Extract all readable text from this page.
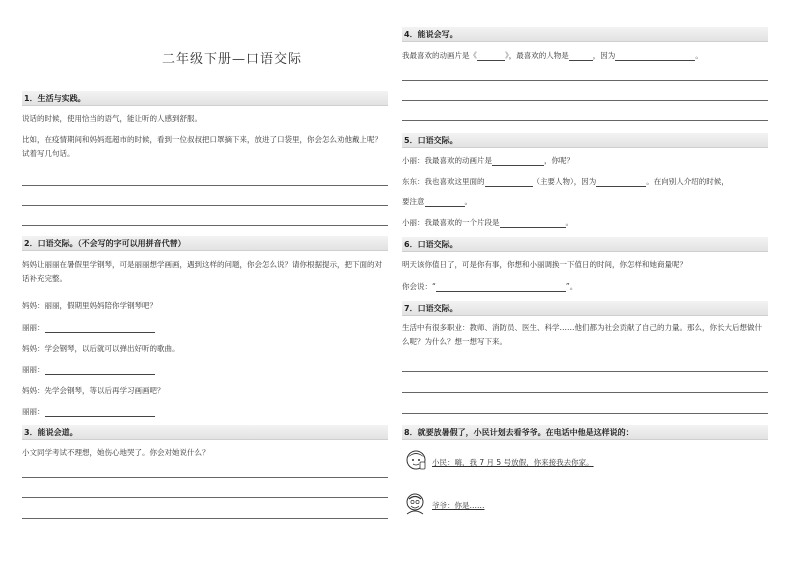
二年级下册—口语交际
1．生活与实践。
说话的时候，使用恰当的语气，能让听的人感到舒服。
比如，在疫情期间和妈妈逛超市的时候，看到一位叔叔把口罩摘下来，放进了口袋里，你会怎么劝他戴上呢？试着写几句话。
2．口语交际。（不会写的字可以用拼音代替）
妈妈让丽丽在暑假里学钢琴，可是丽丽想学画画，遇到这样的问题，你会怎么说？请你根据提示，把下面的对话补充完整。
妈妈：丽丽，假期里妈妈陪你学钢琴吧？
丽丽：
妈妈：学会钢琴，以后就可以弹出好听的歌曲。
丽丽：
妈妈：先学会钢琴，等以后再学习画画吧？
丽丽：
3．能说会道。
小文同学考试不理想，她伤心地哭了。你会对她说什么？
4．能说会写。
我最喜欢的动画片是《	》，最喜欢的人物是	，因为	。
5．口语交际。
小丽：我最喜欢的动画片是	，你呢？
东东：我也喜欢这里面的	（主要人物），因为	。在向别人介绍的时候，
要注意	。
小丽：我最喜欢的一个片段是	。
6．口语交际。
明天该你值日了，可是你有事，你想和小丽调换一下值日的时间，你怎样和她商量呢？
你会说：“	”。
7．口语交际。
生活中有很多职业：教师、消防员、医生、科学……他们都为社会贡献了自己的力量。那么，你长大后想做什么呢？为什么？想一想写下来。
8．就要放暑假了，小民计划去看爷爷。在电话中他是这样说的：
小民：嗨，我 7 月 5 号放假，你来接我去你家。
爷爷：你是……
